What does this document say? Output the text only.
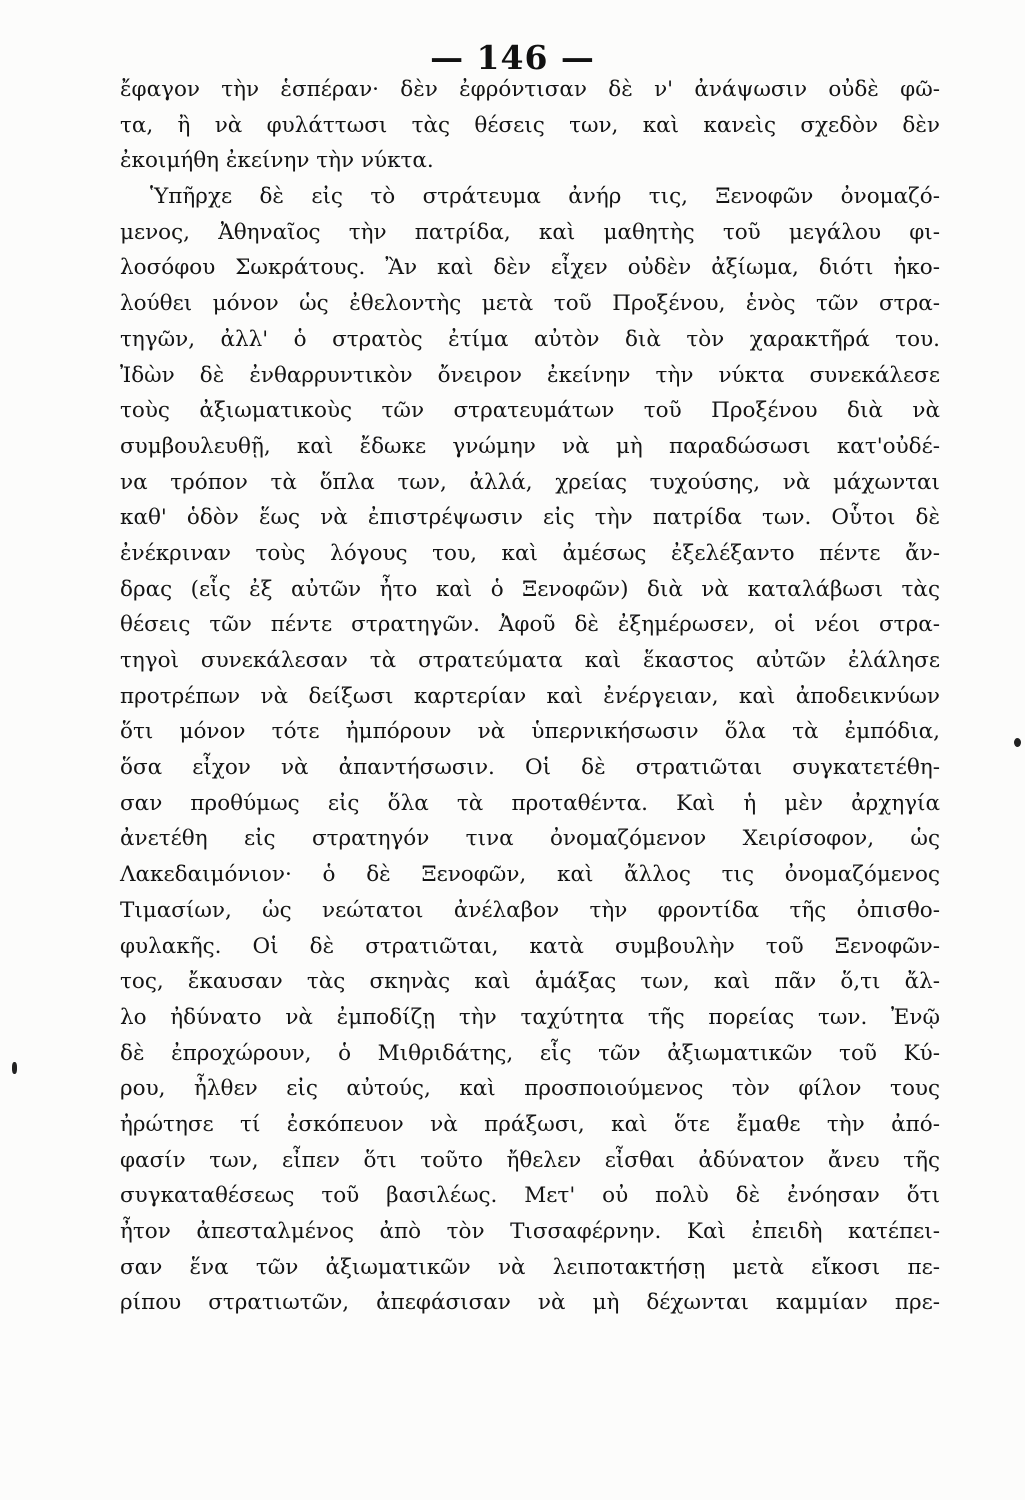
— 146 —
ἔφαγον τὴν ἑσπέραν· δὲν ἐφρόντισαν δὲ ν' ἀνάψωσιν οὐδὲ φῶ-
τα, ἢ νὰ φυλάττωσι τὰς θέσεις των, καὶ κανεὶς σχεδὸν δὲν
ἐκοιμήθη ἐκείνην τὴν νύκτα.
Ὑπῆρχε δὲ εἰς τὸ στράτευμα ἀνήρ τις, Ξενοφῶν ὀνομαζό-
μενος, Ἀθηναῖος τὴν πατρίδα, καὶ μαθητὴς τοῦ μεγάλου φι-
λοσόφου Σωκράτους. Ἂν καὶ δὲν εἶχεν οὐδὲν ἀξίωμα, διότι ἠκο-
λούθει μόνον ὡς ἐθελοντὴς μετὰ τοῦ Προξένου, ἑνὸς τῶν στρα-
τηγῶν, ἀλλ' ὁ στρατὸς ἐτίμα αὐτὸν διὰ τὸν χαρακτῆρά του.
Ἰδὼν δὲ ἐνθαρρυντικὸν ὄνειρον ἐκείνην τὴν νύκτα συνεκάλεσε
τοὺς ἀξιωματικοὺς τῶν στρατευμάτων τοῦ Προξένου διὰ νὰ
συμβουλευθῇ, καὶ ἔδωκε γνώμην νὰ μὴ παραδώσωσι κατ'οὐδέ-
να τρόπον τὰ ὅπλα των, ἀλλά, χρείας τυχούσης, νὰ μάχωνται
καθ' ὁδὸν ἕως νὰ ἐπιστρέψωσιν εἰς τὴν πατρίδα των. Οὗτοι δὲ
ἐνέκριναν τοὺς λόγους του, καὶ ἀμέσως ἐξελέξαντο πέντε ἄν-
δρας (εἷς ἐξ αὐτῶν ἦτο καὶ ὁ Ξενοφῶν) διὰ νὰ καταλάβωσι τὰς
θέσεις τῶν πέντε στρατηγῶν. Ἀφοῦ δὲ ἐξημέρωσεν, οἱ νέοι στρα-
τηγοὶ συνεκάλεσαν τὰ στρατεύματα καὶ ἕκαστος αὐτῶν ἐλάλησε
προτρέπων νὰ δείξωσι καρτερίαν καὶ ἐνέργειαν, καὶ ἀποδεικνύων
ὅτι μόνον τότε ἠμπόρουν νὰ ὑπερνικήσωσιν ὅλα τὰ ἐμπόδια,
ὅσα εἶχον νὰ ἀπαντήσωσιν. Οἱ δὲ στρατιῶται συγκατετέθη-
σαν προθύμως εἰς ὅλα τὰ προταθέντα. Καὶ ἡ μὲν ἀρχηγία
ἀνετέθη εἰς στρατηγόν τινα ὀνομαζόμενον Χειρίσοφον, ὡς
Λακεδαιμόνιον· ὁ δὲ Ξενοφῶν, καὶ ἄλλος τις ὀνομαζόμενος
Τιμασίων, ὡς νεώτατοι ἀνέλαβον τὴν φροντίδα τῆς ὀπισθο-
φυλακῆς. Οἱ δὲ στρατιῶται, κατὰ συμβουλὴν τοῦ Ξενοφῶν-
τος, ἔκαυσαν τὰς σκηνὰς καὶ ἁμάξας των, καὶ πᾶν ὅ,τι ἄλ-
λο ἠδύνατο νὰ ἐμποδίζῃ τὴν ταχύτητα τῆς πορείας των. Ἐνῷ
δὲ ἐπροχώρουν, ὁ Μιθριδάτης, εἷς τῶν ἀξιωματικῶν τοῦ Κύ-
ρου, ἦλθεν εἰς αὐτούς, καὶ προσποιούμενος τὸν φίλον τους
ἠρώτησε τί ἐσκόπευον νὰ πράξωσι, καὶ ὅτε ἔμαθε τὴν ἀπό-
φασίν των, εἶπεν ὅτι τοῦτο ἤθελεν εἶσθαι ἀδύνατον ἄνευ τῆς
συγκαταθέσεως τοῦ βασιλέως. Μετ' οὐ πολὺ δὲ ἐνόησαν ὅτι
ἦτον ἀπεσταλμένος ἀπὸ τὸν Τισσαφέρνην. Καὶ ἐπειδὴ κατέπει-
σαν ἕνα τῶν ἀξιωματικῶν νὰ λειποτακτήσῃ μετὰ εἴκοσι πε-
ρίπου στρατιωτῶν, ἀπεφάσισαν νὰ μὴ δέχωνται καμμίαν πρε-
